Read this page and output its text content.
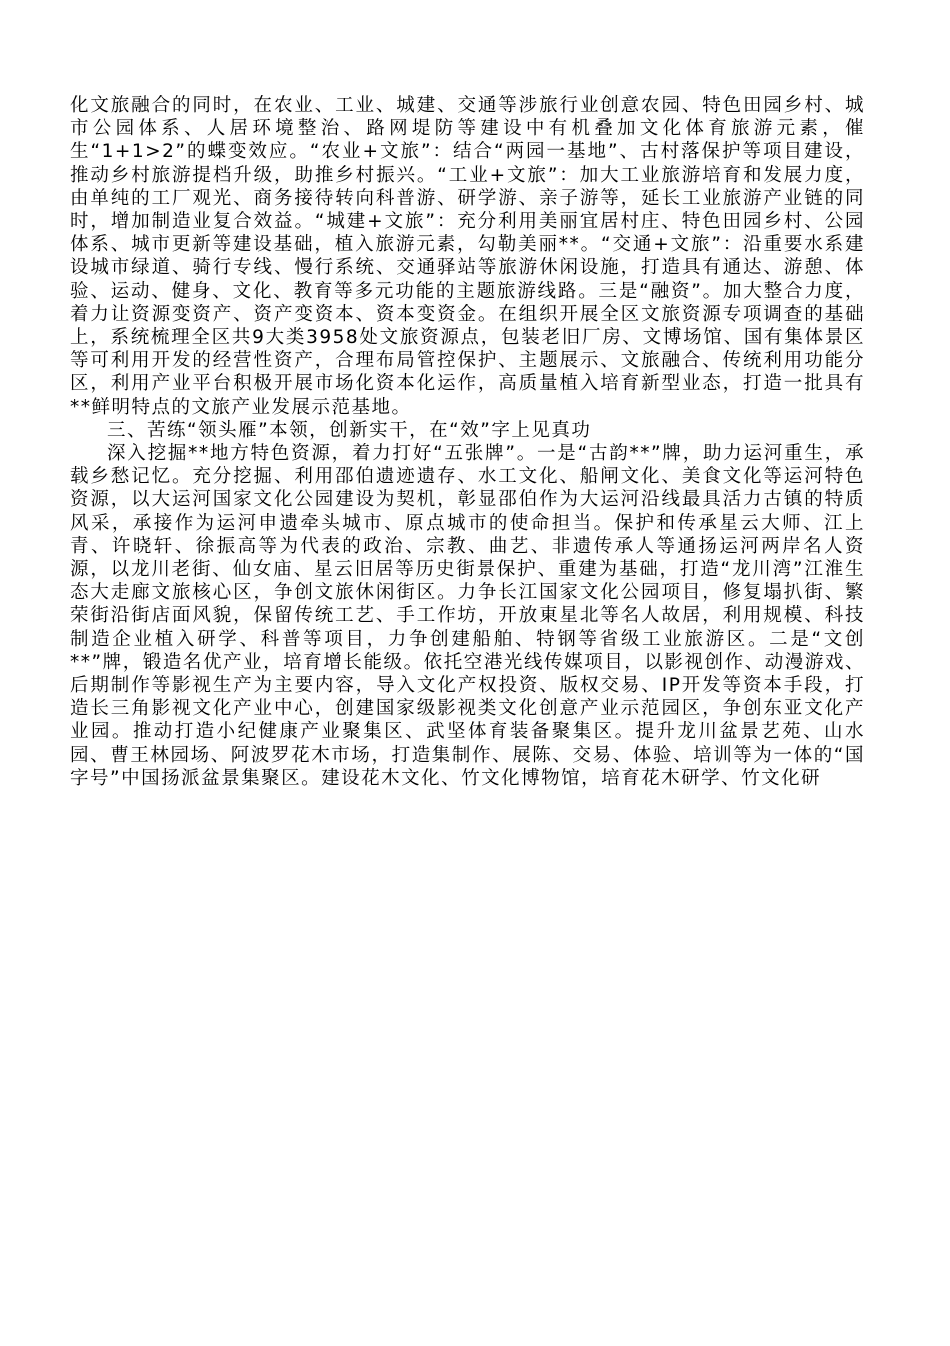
化文旅融合的同时，在农业、工业、城建、交通等涉旅行业创意农园、特色田园乡村、城市公园体系、人居环境整治、路网堤防等建设中有机叠加文化体育旅游元素，催生“1+1>2”的蝶变效应。“农业+文旅”：结合“两园一基地”、古村落保护等项目建设，推动乡村旅游提档升级，助推乡村振兴。“工业+文旅”：加大工业旅游培育和发展力度，由单纯的工厂观光、商务接待转向科普游、研学游、亲子游等，延长工业旅游产业链的同时，增加制造业复合效益。“城建+文旅”：充分利用美丽宜居村庄、特色田园乡村、公园体系、城市更新等建设基础，植入旅游元素，勾勒美丽**。“交通+文旅”：沿重要水系建设城市绿道、骑行专线、慢行系统、交通驿站等旅游休闲设施，打造具有通达、游憩、体验、运动、健身、文化、教育等多元功能的主题旅游线路。三是“融资”。加大整合力度，着力让资源变资产、资产变资本、资本变资金。在组织开展全区文旅资源专项调查的基础上，系统梳理全区共9大类3958处文旅资源点，包装老旧厂房、文博场馆、国有集体景区等可利用开发的经营性资产，合理布局管控保护、主题展示、文旅融合、传统利用功能分区，利用产业平台积极开展市场化资本化运作，高质量植入培育新型业态，打造一批具有**鲜明特点的文旅产业发展示范基地。

三、苦练“领头雁”本领，创新实干，在“效”字上见真功

深入挖掘**地方特色资源，着力打好“五张牌”。一是“古韵**”牌，助力运河重生，承载乡愁记忆。充分挖掘、利用邵伯遗迹遗存、水工文化、船闸文化、美食文化等运河特色资源，以大运河国家文化公园建设为契机，彰显邵伯作为大运河沿线最具活力古镇的特质风采，承接作为运河申遗牵头城市、原点城市的使命担当。保护和传承星云大师、江上青、许晓轩、徐振高等为代表的政治、宗教、曲艺、非遗传承人等通扬运河两岸名人资源，以龙川老街、仙女庙、星云旧居等历史街景保护、重建为基础，打造“龙川湾”江淮生态大走廊文旅核心区，争创文旅休闲街区。力争长江国家文化公园项目，修复塌扒街、繁荣街沿街店面风貌，保留传统工艺、手工作坊，开放東星北等名人故居，利用规模、科技制造企业植入研学、科普等项目，力争创建船舶、特钢等省级工业旅游区。二是“文创**”牌，锻造名优产业，培育增长能级。依托空港光线传媒项目，以影视创作、动漫游戏、后期制作等影视生产为主要内容，导入文化产权投资、版权交易、IP开发等资本手段，打造长三角影视文化产业中心，创建国家级影视类文化创意产业示范园区，争创东亚文化产业园。推动打造小纪健康产业聚集区、武坚体育装备聚集区。提升龙川盆景艺苑、山水园、曹王林园场、阿波罗花木市场，打造集制作、展陈、交易、体验、培训等为一体的“国字号”中国扬派盆景集聚区。建设花木文化、竹文化博物馆，培育花木研学、竹文化研
